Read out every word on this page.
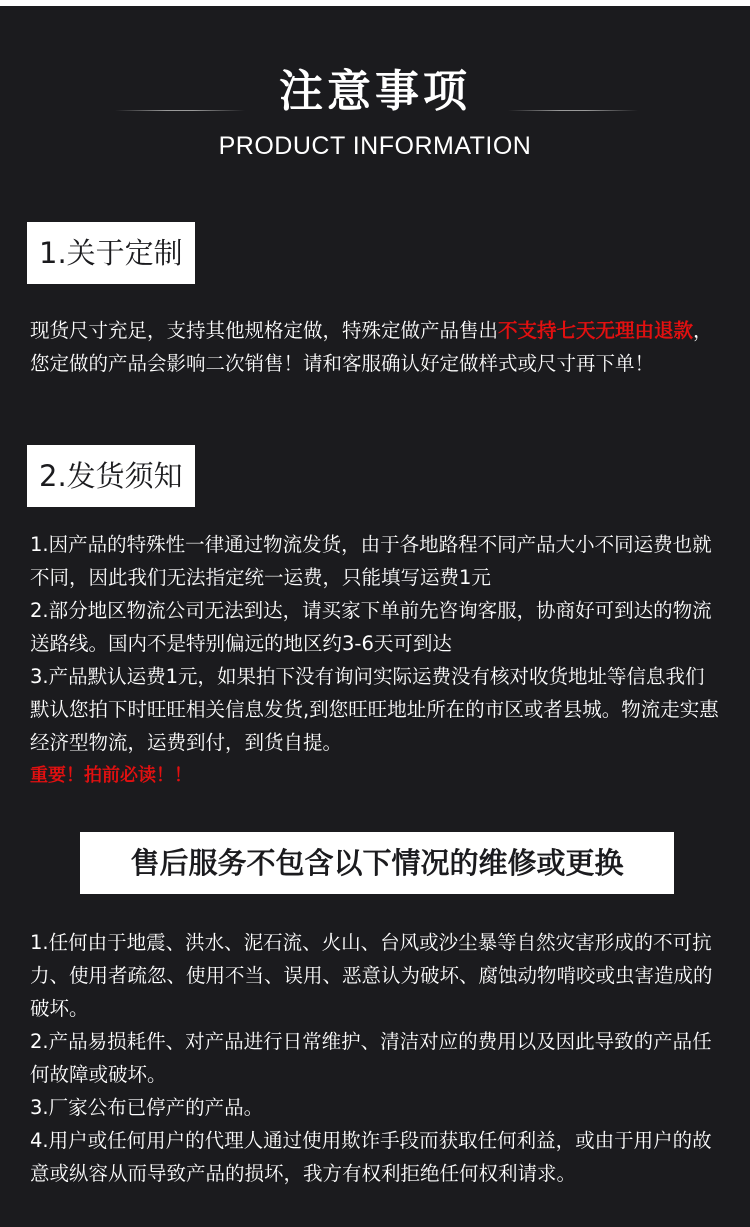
注意事项
PRODUCT INFORMATION
1.关于定制
现货尺寸充足，支持其他规格定做，特殊定做产品售出不支持七天无理由退款，您定做的产品会影响二次销售！请和客服确认好定做样式或尺寸再下单！
2.发货须知
1.因产品的特殊性一律通过物流发货，由于各地路程不同产品大小不同运费也就不同，因此我们无法指定统一运费，只能填写运费1元
2.部分地区物流公司无法到达，请买家下单前先咨询客服，协商好可到达的物流送路线。国内不是特别偏远的地区约3-6天可到达
3.产品默认运费1元，如果拍下没有询问实际运费没有核对收货地址等信息我们默认您拍下时旺旺相关信息发货,到您旺旺地址所在的市区或者县城。物流走实惠经济型物流，运费到付，到货自提。
重要！拍前必读！！
售后服务不包含以下情况的维修或更换
1.任何由于地震、洪水、泥石流、火山、台风或沙尘暴等自然灾害形成的不可抗力、使用者疏忽、使用不当、误用、恶意认为破坏、腐蚀动物啃咬或虫害造成的破坏。
2.产品易损耗件、对产品进行日常维护、清洁对应的费用以及因此导致的产品任何故障或破坏。
3.厂家公布已停产的产品。
4.用户或任何用户的代理人通过使用欺诈手段而获取任何利益，或由于用户的故意或纵容从而导致产品的损坏，我方有权利拒绝任何权利请求。
